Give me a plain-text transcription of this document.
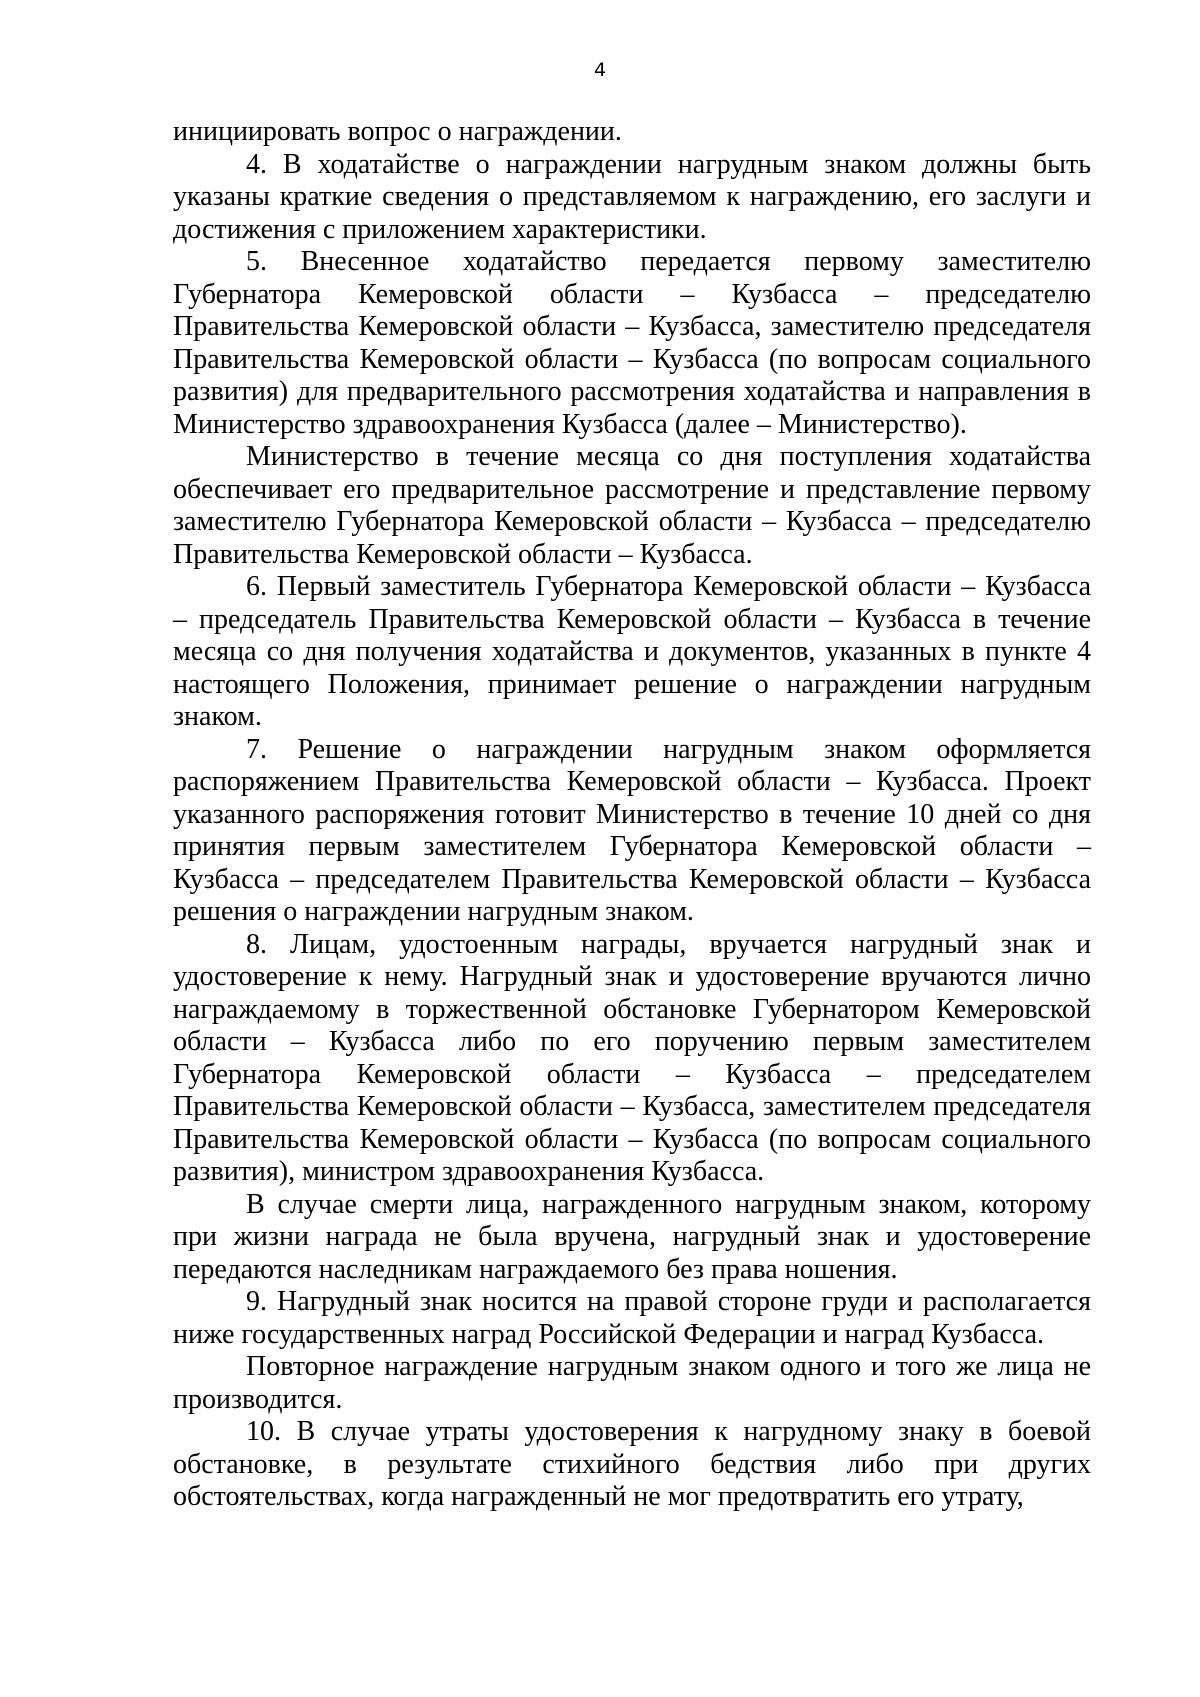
4

инициировать вопрос о награждении.

4. В ходатайстве о награждении нагрудным знаком должны быть указаны краткие сведения о представляемом к награждению, его заслуги и достижения с приложением характеристики.

5. Внесенное ходатайство передается первому заместителю Губернатора Кемеровской области – Кузбасса – председателю Правительства Кемеровской области – Кузбасса, заместителю председателя Правительства Кемеровской области – Кузбасса (по вопросам социального развития) для предварительного рассмотрения ходатайства и направления в Министерство здравоохранения Кузбасса (далее – Министерство).

Министерство в течение месяца со дня поступления ходатайства обеспечивает его предварительное рассмотрение и представление первому заместителю Губернатора Кемеровской области – Кузбасса – председателю Правительства Кемеровской области – Кузбасса.

6. Первый заместитель Губернатора Кемеровской области – Кузбасса – председатель Правительства Кемеровской области – Кузбасса в течение месяца со дня получения ходатайства и документов, указанных в пункте 4 настоящего Положения, принимает решение о награждении нагрудным знаком.

7. Решение о награждении нагрудным знаком оформляется распоряжением Правительства Кемеровской области – Кузбасса. Проект указанного распоряжения готовит Министерство в течение 10 дней со дня принятия первым заместителем Губернатора Кемеровской области – Кузбасса – председателем Правительства Кемеровской области – Кузбасса решения о награждении нагрудным знаком.

8. Лицам, удостоенным награды, вручается нагрудный знак и удостоверение к нему. Нагрудный знак и удостоверение вручаются лично награждаемому в торжественной обстановке Губернатором Кемеровской области – Кузбасса либо по его поручению первым заместителем Губернатора Кемеровской области – Кузбасса – председателем Правительства Кемеровской области – Кузбасса, заместителем председателя Правительства Кемеровской области – Кузбасса (по вопросам социального развития), министром здравоохранения Кузбасса.

В случае смерти лица, награжденного нагрудным знаком, которому при жизни награда не была вручена, нагрудный знак и удостоверение передаются наследникам награждаемого без права ношения.

9. Нагрудный знак носится на правой стороне груди и располагается ниже государственных наград Российской Федерации и наград Кузбасса.

Повторное награждение нагрудным знаком одного и того же лица не производится.

10. В случае утраты удостоверения к нагрудному знаку в боевой обстановке, в результате стихийного бедствия либо при других обстоятельствах, когда награжденный не мог предотвратить его утрату,
